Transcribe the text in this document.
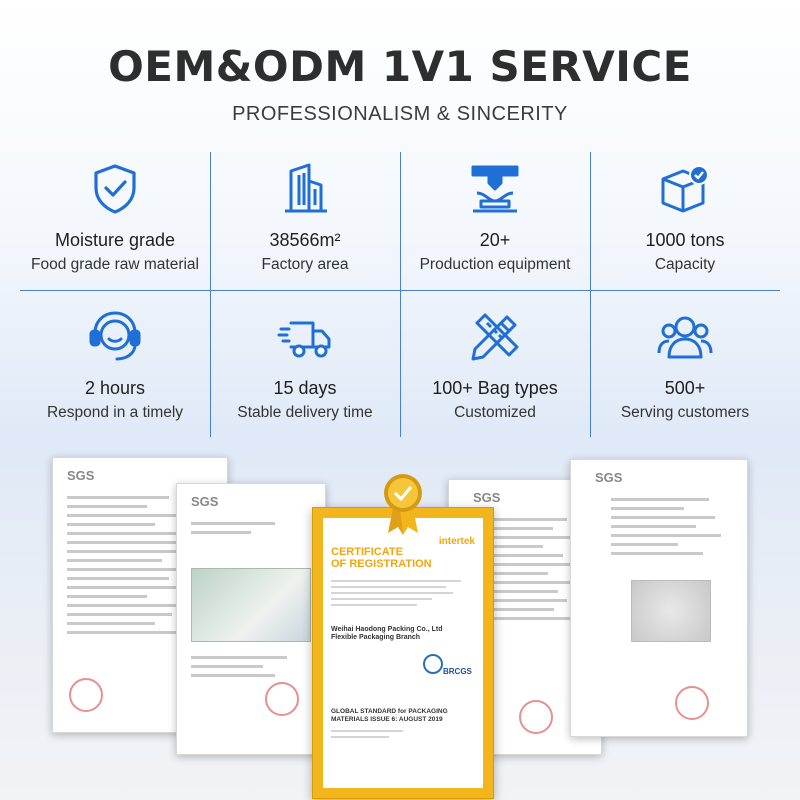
OEM&ODM 1V1 SERVICE
PROFESSIONALISM & SINCERITY
Moisture grade
Food grade raw material
38566m²
Factory area
20+
Production equipment
1000 tons
Capacity
2 hours
Respond in a timely
15 days
Stable delivery time
100+ Bag types
Customized
500+
Serving customers
SGS
SGS	SGS
SGS
intertek
CERTIFICATE
OF REGISTRATION
Weihai Haodong Packing Co., Ltd
Flexible Packaging Branch
BRCGS
GLOBAL STANDARD for PACKAGING
MATERIALS ISSUE 6: AUGUST 2019
